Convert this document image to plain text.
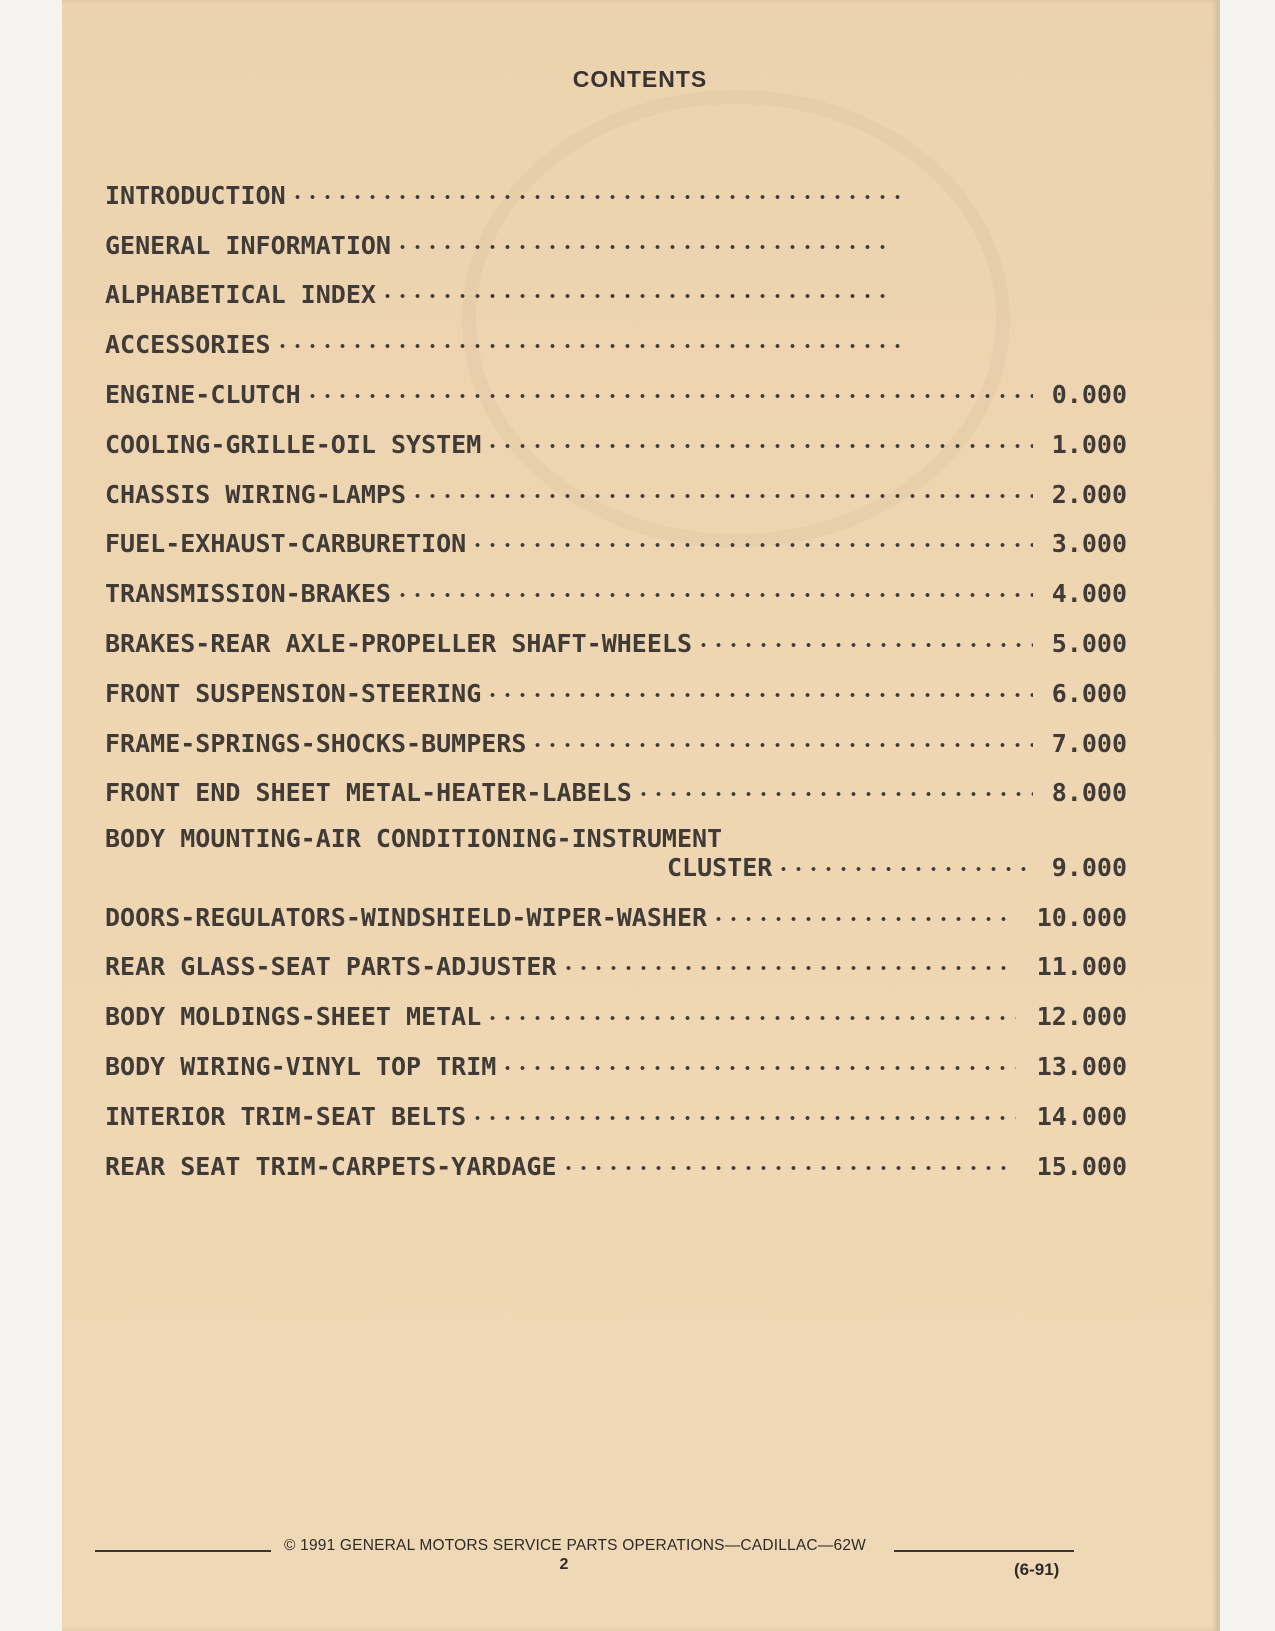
CONTENTS
INTRODUCTION
GENERAL INFORMATION
ALPHABETICAL INDEX
ACCESSORIES
ENGINE-CLUTCH	0.000
COOLING-GRILLE-OIL SYSTEM	1.000
CHASSIS WIRING-LAMPS	2.000
FUEL-EXHAUST-CARBURETION	3.000
TRANSMISSION-BRAKES	4.000
BRAKES-REAR AXLE-PROPELLER SHAFT-WHEELS	5.000
FRONT SUSPENSION-STEERING	6.000
FRAME-SPRINGS-SHOCKS-BUMPERS	7.000
FRONT END SHEET METAL-HEATER-LABELS	8.000
BODY MOUNTING-AIR CONDITIONING-INSTRUMENT
CLUSTER	9.000
DOORS-REGULATORS-WINDSHIELD-WIPER-WASHER	10.000
REAR GLASS-SEAT PARTS-ADJUSTER	11.000
BODY MOLDINGS-SHEET METAL	12.000
BODY WIRING-VINYL TOP TRIM	13.000
INTERIOR TRIM-SEAT BELTS	14.000
REAR SEAT TRIM-CARPETS-YARDAGE	15.000
© 1991 GENERAL MOTORS SERVICE PARTS OPERATIONS—CADILLAC—62W
2	(6-91)
